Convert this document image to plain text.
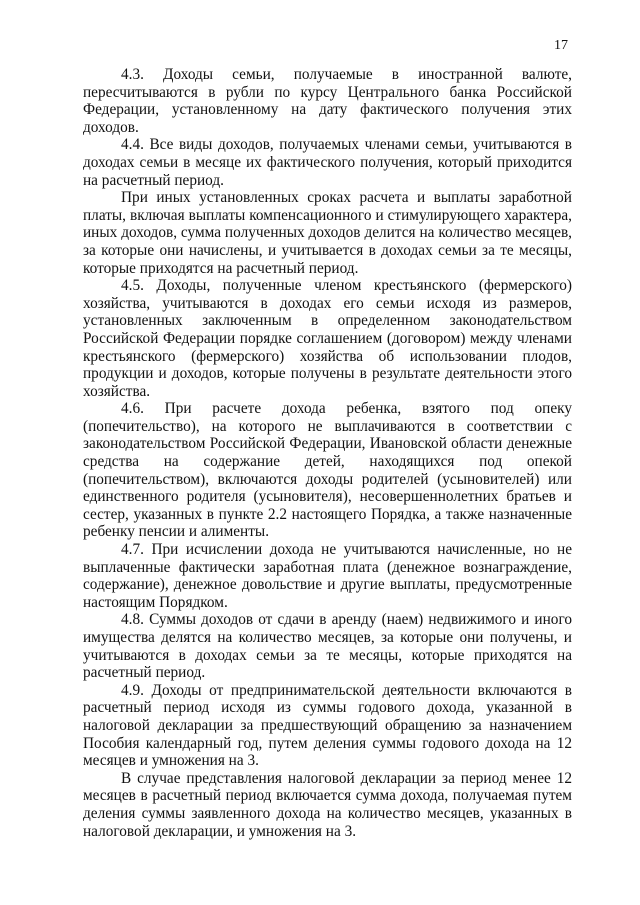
17

4.3. Доходы семьи, получаемые в иностранной валюте, пересчитываются в рубли по курсу Центрального банка Российской Федерации, установленному на дату фактического получения этих доходов.

4.4. Все виды доходов, получаемых членами семьи, учитываются в доходах семьи в месяце их фактического получения, который приходится на расчетный период.

При иных установленных сроках расчета и выплаты заработной платы, включая выплаты компенсационного и стимулирующего характера, иных доходов, сумма полученных доходов делится на количество месяцев, за которые они начислены, и учитывается в доходах семьи за те месяцы, которые приходятся на расчетный период.

4.5. Доходы, полученные членом крестьянского (фермерского) хозяйства, учитываются в доходах его семьи исходя из размеров, установленных заключенным в определенном законодательством Российской Федерации порядке соглашением (договором) между членами крестьянского (фермерского) хозяйства об использовании плодов, продукции и доходов, которые получены в результате деятельности этого хозяйства.

4.6. При расчете дохода ребенка, взятого под опеку (попечительство), на которого не выплачиваются в соответствии с законодательством Российской Федерации, Ивановской области денежные средства на содержание детей, находящихся под опекой (попечительством), включаются доходы родителей (усыновителей) или единственного родителя (усыновителя), несовершеннолетних братьев и сестер, указанных в пункте 2.2 настоящего Порядка, а также назначенные ребенку пенсии и алименты.

4.7. При исчислении дохода не учитываются начисленные, но не выплаченные фактически заработная плата (денежное вознаграждение, содержание), денежное довольствие и другие выплаты, предусмотренные настоящим Порядком.

4.8. Суммы доходов от сдачи в аренду (наем) недвижимого и иного имущества делятся на количество месяцев, за которые они получены, и учитываются в доходах семьи за те месяцы, которые приходятся на расчетный период.

4.9. Доходы от предпринимательской деятельности включаются в расчетный период исходя из суммы годового дохода, указанной в налоговой декларации за предшествующий обращению за назначением Пособия календарный год, путем деления суммы годового дохода на 12 месяцев и умножения на 3.

В случае представления налоговой декларации за период менее 12 месяцев в расчетный период включается сумма дохода, получаемая путем деления суммы заявленного дохода на количество месяцев, указанных в налоговой декларации, и умножения на 3.
